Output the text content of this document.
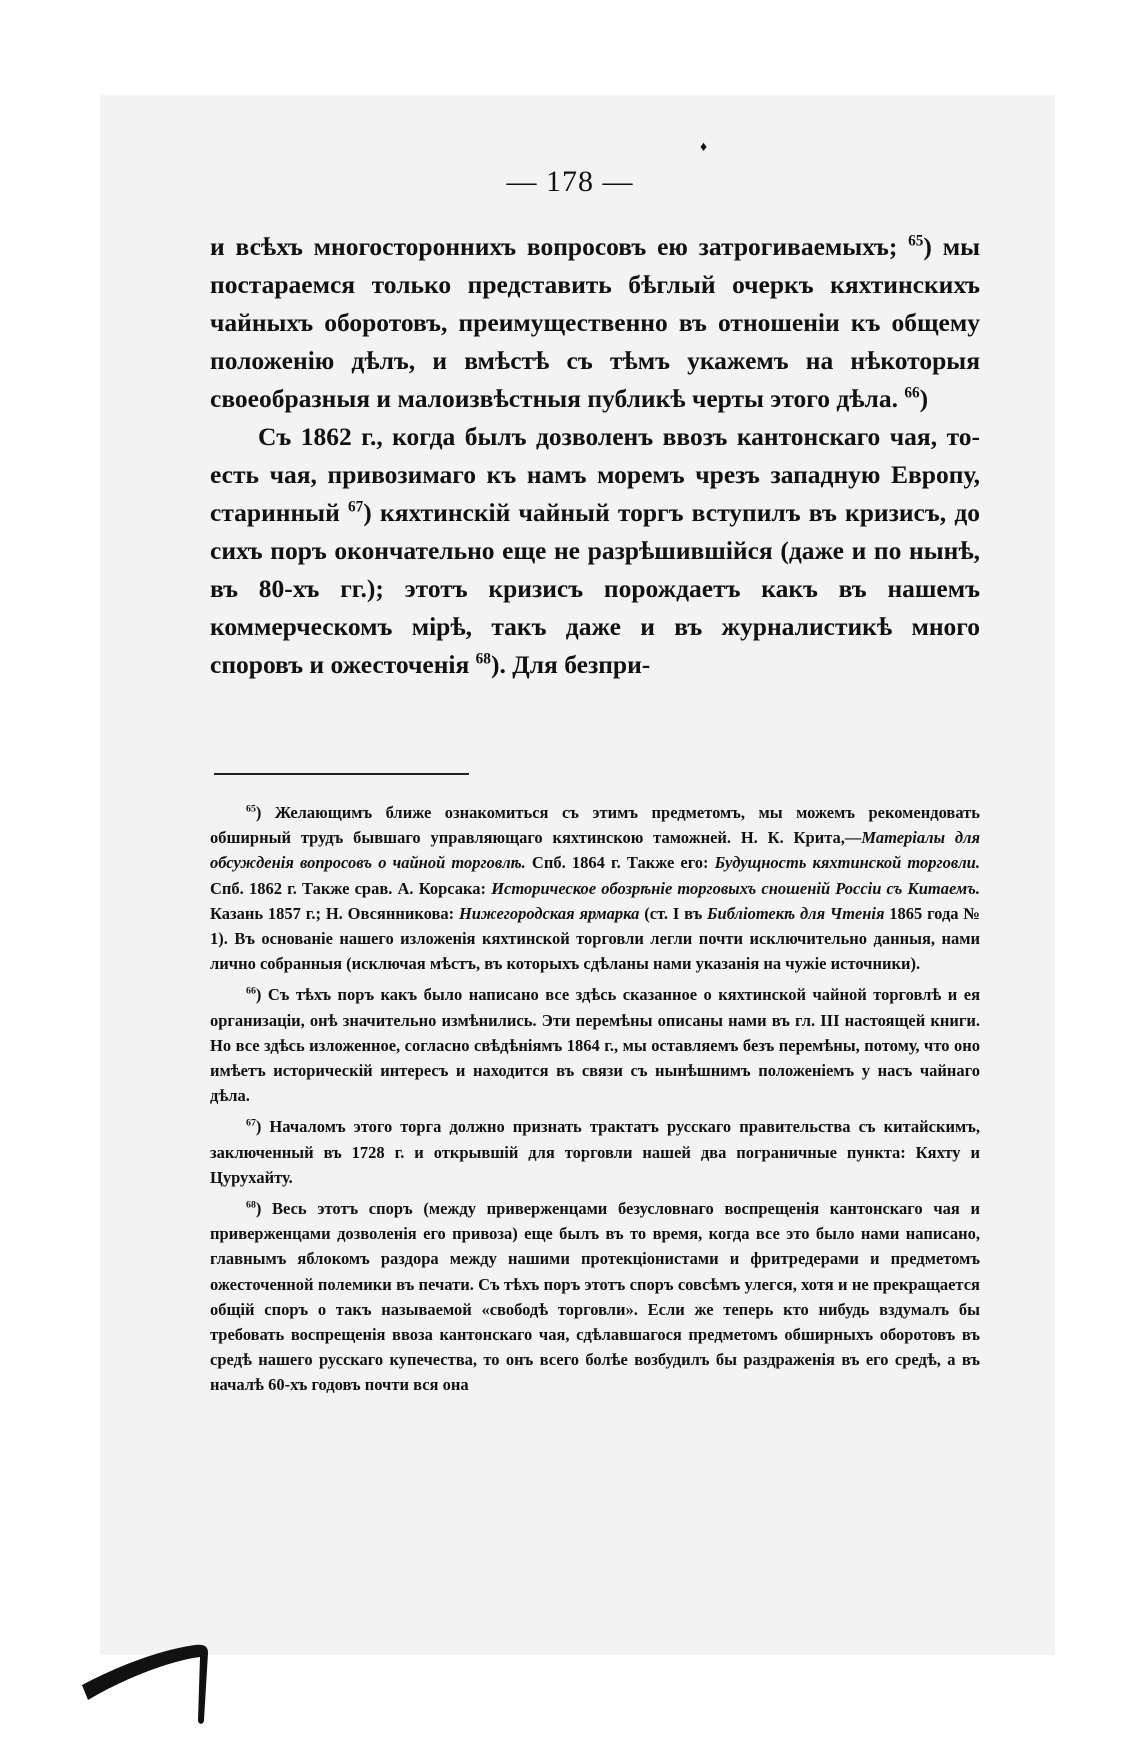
♦
— 178 —

и всѣхъ многостороннихъ вопросовъ ею затрогиваемыхъ; $^{65}$) мы постараемся только представить бѣглый очеркъ кяхтинскихъ чайныхъ оборотовъ, преимущественно въ отношеніи къ общему положенію дѣлъ, и вмѣстѣ съ тѣмъ укажемъ на нѣкоторыя своеобразныя и малоизвѣстныя публикѣ черты этого дѣла. $^{66}$)

Съ 1862 г., когда былъ дозволенъ ввозъ кантонскаго чая, то-есть чая, привозимаго къ намъ моремъ чрезъ западную Европу, старинный $^{67}$) кяхтинскій чайный торгъ вступилъ въ кризисъ, до сихъ поръ окончательно еще не разрѣшившійся (даже и по нынѣ, въ 80-хъ гг.); этотъ кризисъ порождаетъ какъ въ нашемъ коммерческомъ мірѣ, такъ даже и въ журналистикѣ много споровъ и ожесточенія $^{68}$). Для безпри-

$^{65}$) Желающимъ ближе ознакомиться съ этимъ предметомъ, мы можемъ рекомендовать обширный трудъ бывшаго управляющаго кяхтинскою таможней. Н. К. Крита,—Матеріалы для обсужденія вопросовъ о чайной торговлѣ. Спб. 1864 г. Также его: Будущность кяхтинской торговли. Спб. 1862 г. Также срав. А. Корсака: Историческое обозрѣніе торговыхъ сношеній Россіи съ Китаемъ. Казань 1857 г.; Н. Овсянникова: Нижегородская ярмарка (ст. I въ Библіотекѣ для Чтенія 1865 года № 1). Въ основаніе нашего изложенія кяхтинской торговли легли почти исключительно данныя, нами лично собранныя (исключая мѣстъ, въ которыхъ сдѣланы нами указанія на чужіе источники).

$^{66}$) Съ тѣхъ поръ какъ было написано все здѣсь сказанное о кяхтинской чайной торговлѣ и ея организаціи, онѣ значительно измѣнились. Эти перемѣны описаны нами въ гл. III настоящей книги. Но все здѣсь изложенное, согласно свѣдѣніямъ 1864 г., мы оставляемъ безъ перемѣны, потому, что оно имѣетъ историческій интересъ и находится въ связи съ нынѣшнимъ положеніемъ у насъ чайнаго дѣла.

$^{67}$) Началомъ этого торга должно признать трактатъ русскаго правительства съ китайскимъ, заключенный въ 1728 г. и открывшій для торговли нашей два пограничные пункта: Кяхту и Цурухайту.

$^{68}$) Весь этотъ споръ (между приверженцами безусловнаго воспрещенія кантонскаго чая и приверженцами дозволенія его привоза) еще былъ въ то время, когда все это было нами написано, главнымъ яблокомъ раздора между нашими протекціонистами и фритредерами и предметомъ ожесточенной полемики въ печати. Съ тѣхъ поръ этотъ споръ совсѣмъ улегся, хотя и не прекращается общій споръ о такъ называемой «свободѣ торговли». Если же теперь кто нибудь вздумалъ бы требовать воспрещенія ввоза кантонскаго чая, сдѣлавшагося предметомъ обширныхъ оборотовъ въ средѣ нашего русскаго купечества, то онъ всего болѣе возбудилъ бы раздраженія въ его средѣ, а въ началѣ 60-хъ годовъ почти вся она
